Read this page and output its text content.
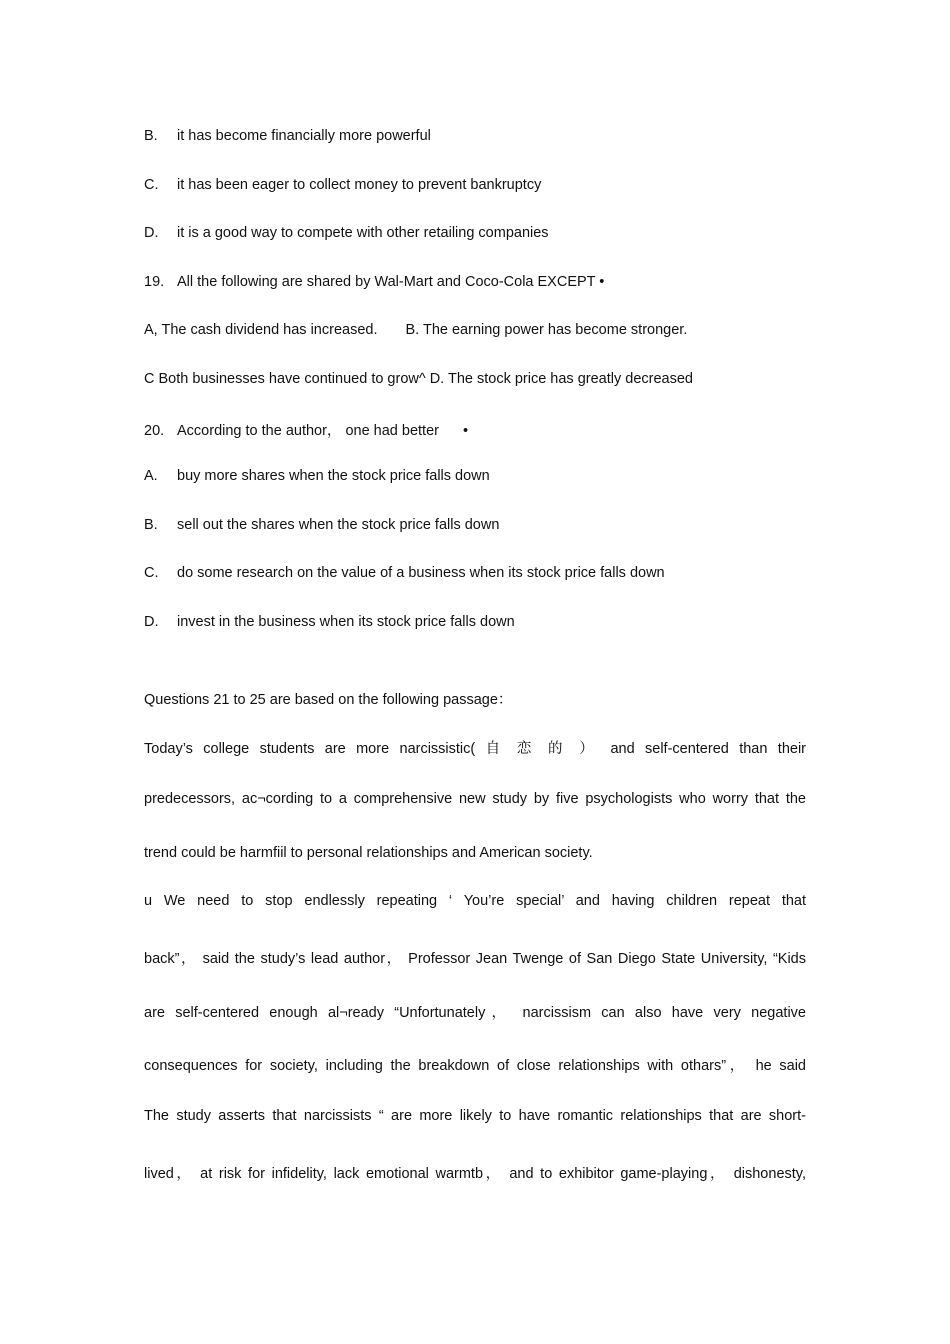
B. it has become financially more powerful
C. it has been eager to collect money to prevent bankruptcy
D. it is a good way to compete with other retailing companies
19. All the following are shared by Wal-Mart and Coco-Cola EXCEPT •
A, The cash dividend has increased. B. The earning power has become stronger.
C Both businesses have continued to grow^ D. The stock price has greatly decreased
20. According to the author， one had better •
A. buy more shares when the stock price falls down
B. sell out the shares when the stock price falls down
C. do some research on the value of a business when its stock price falls down
D. invest in the business when its stock price falls down
Questions 21 to 25 are based on the following passage：
Today’s college students are more narcissistic( 自 恋 的 ） and self-centered than their
predecessors, ac¬cording to a comprehensive new study by five psychologists who worry that the
trend could be harmfiil to personal relationships and American society.
u We need to stop endlessly repeating ‘ You’re special’ and having children repeat that
back”， said the study’s lead author， Professor Jean Twenge of San Diego State University, “Kids
are self-centered enough al¬ready “Unfortunately， narcissism can also have very negative
consequences for society, including the breakdown of close relationships with othars”， he said
The study asserts that narcissists “ are more likely to have romantic relationships that are short-
lived， at risk for infidelity, lack emotional warmtb， and to exhibitor game-playing， dishonesty,
